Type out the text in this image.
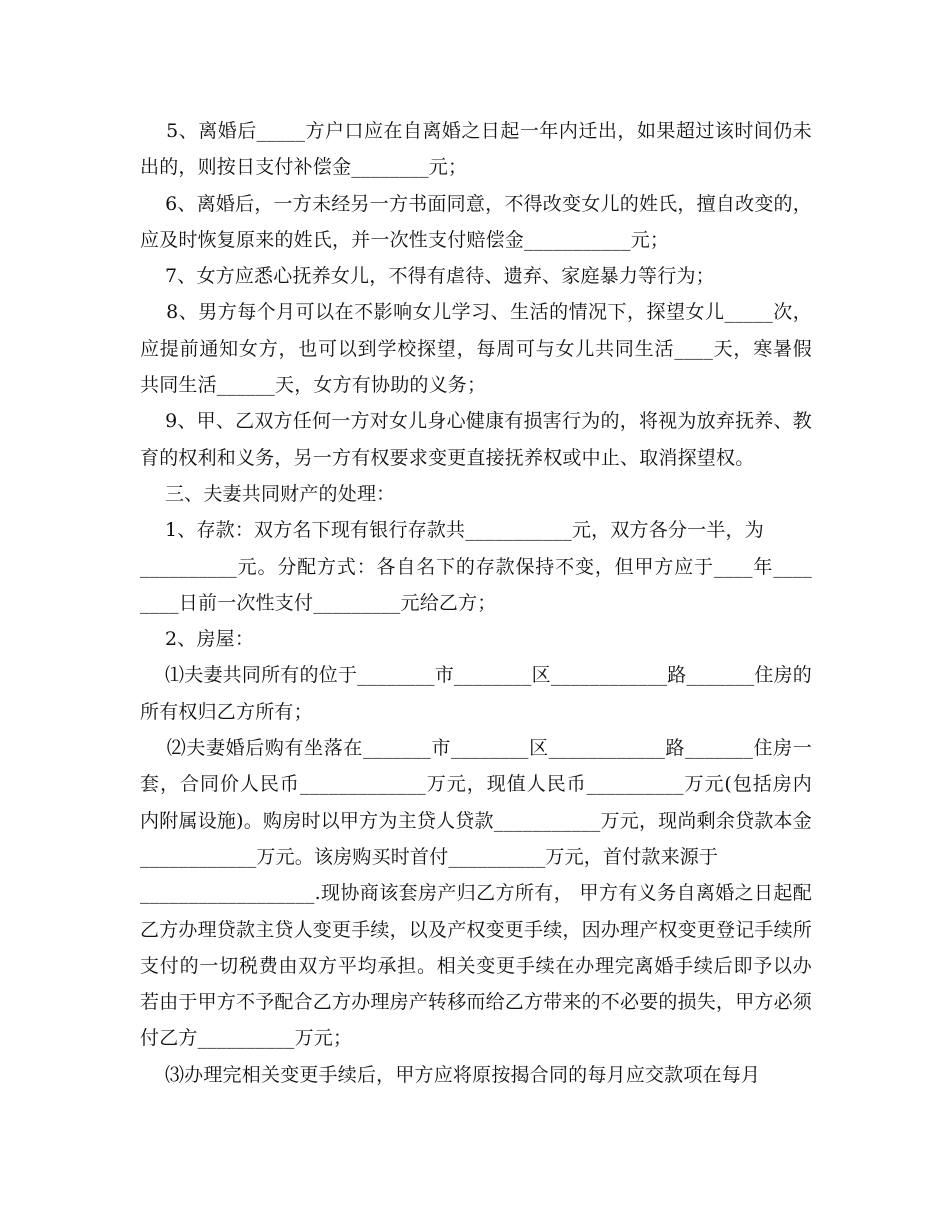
5、离婚后_____方户口应在自离婚之日起一年内迁出，如果超过该时间仍未
出的，则按日支付补偿金________元；
6、离婚后，一方未经另一方书面同意，不得改变女儿的姓氏，擅自改变的，
应及时恢复原来的姓氏，并一次性支付赔偿金___________元；
7、女方应悉心抚养女儿，不得有虐待、遗弃、家庭暴力等行为；
8、男方每个月可以在不影响女儿学习、生活的情况下，探望女儿_____次，
应提前通知女方，也可以到学校探望，每周可与女儿共同生活____天，寒暑假
共同生活______天，女方有协助的义务；
9、甲、乙双方任何一方对女儿身心健康有损害行为的，将视为放弃抚养、教
育的权利和义务，另一方有权要求变更直接抚养权或中止、取消探望权。
三、夫妻共同财产的处理：
1、存款：双方名下现有银行存款共___________元，双方各分一半，为
__________元。分配方式：各自名下的存款保持不变，但甲方应于____年____
____日前一次性支付_________元给乙方；
2、房屋：
⑴夫妻共同所有的位于________市________区____________路_______住房的
所有权归乙方所有；
⑵夫妻婚后购有坐落在_______市________区____________路_______住房一
套，合同价人民币_____________万元，现值人民币__________万元(包括房内
内附属设施)。购房时以甲方为主贷人贷款___________万元，现尚剩余贷款本金
____________万元。该房购买时首付__________万元，首付款来源于
__________________.现协商该套房产归乙方所有， 甲方有义务自离婚之日起配
乙方办理贷款主贷人变更手续，以及产权变更手续，因办理产权变更登记手续所
支付的一切税费由双方平均承担。相关变更手续在办理完离婚手续后即予以办
若由于甲方不予配合乙方办理房产转移而给乙方带来的不必要的损失，甲方必须
付乙方__________万元；
⑶办理完相关变更手续后，甲方应将原按揭合同的每月应交款项在每月
